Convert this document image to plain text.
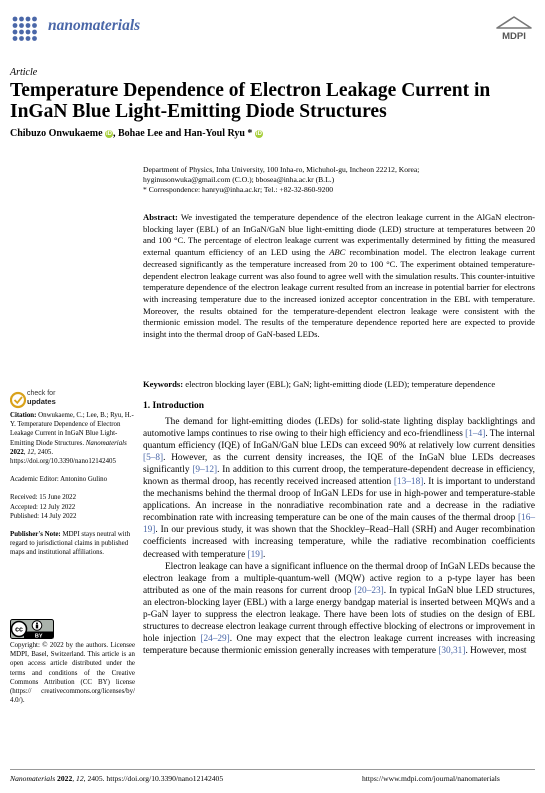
nanomaterials
MDPI
Article
Temperature Dependence of Electron Leakage Current in InGaN Blue Light-Emitting Diode Structures
Chibuzo Onwukaeme iD, Bohae Lee and Han-Youl Ryu * iD
Department of Physics, Inha University, 100 Inha-ro, Michuhol-gu, Incheon 22212, Korea;
hyginusonwuka@gmail.com (C.O.); bbosea@inha.ac.kr (B.L.)
* Correspondence: hanryu@inha.ac.kr; Tel.: +82-32-860-9200
Abstract: We investigated the temperature dependence of the electron leakage current in the AlGaN electron-blocking layer (EBL) of an InGaN/GaN blue light-emitting diode (LED) structure at temperatures between 20 and 100 °C. The percentage of electron leakage current was experimentally determined by fitting the measured external quantum efficiency of an LED using the ABC recombination model. The electron leakage current decreased significantly as the temperature increased from 20 to 100 °C. The experiment obtained temperature-dependent electron leakage current was also found to agree well with the simulation results. This counter-intuitive temperature dependence of the electron leakage current resulted from an increase in potential barrier for electrons with increasing temperature due to the increased ionized acceptor concentration in the EBL with temperature. Moreover, the results obtained for the temperature-dependent electron leakage were consistent with the thermionic emission model. The results of the temperature dependence reported here are expected to provide insight into the thermal droop of GaN-based LEDs.
Keywords: electron blocking layer (EBL); GaN; light-emitting diode (LED); temperature dependence
1. Introduction

The demand for light-emitting diodes (LEDs) for solid-state lighting display backlightings and automotive lamps continues to rise owing to their high efficiency and eco-friendliness [1–4]. The internal quantum efficiency (IQE) of InGaN/GaN blue LEDs can exceed 90% at relatively low current densities [5–8]. However, as the current density increases, the IQE of the InGaN blue LEDs decreases significantly [9–12]. In addition to this current droop, the temperature-dependent decrease in efficiency, known as thermal droop, has recently received increased attention [13–18]. It is important to understand the mechanisms behind the thermal droop of InGaN LEDs for use in high-power and temperature-stable applications. An increase in the nonradiative recombination rate and a decrease in the radiative recombination rate with increasing temperature can be one of the main causes of the thermal droop [16–19]. In our previous study, it was shown that the Shockley–Read–Hall (SRH) and Auger recombination coefficients increased with increasing temperature, while the radiative recombination coefficients decreased with temperature [19].

Electron leakage can have a significant influence on the thermal droop of InGaN LEDs because the electron leakage from a multiple-quantum-well (MQW) active region to a p-type layer has been attributed as one of the main reasons for current droop [20–23]. In typical InGaN blue LED structures, an electron-blocking layer (EBL) with a large energy bandgap material is inserted between MQWs and a p-GaN layer to suppress the electron leakage. There have been lots of studies on the design of EBL structures to decrease electron leakage current through effective blocking of electrons or improvement in hole injection [24–29]. One may expect that the electron leakage current increases with increasing temperature because thermionic emission generally increases with temperature [30,31]. However, most

check for
updates

Citation: Onwukaeme, C.; Lee, B.; Ryu, H.-Y. Temperature Dependence of Electron Leakage Current in InGaN Blue Light-Emitting Diode Structures. Nanomaterials 2022, 12, 2405. https://doi.org/10.3390/nano12142405

Academic Editor: Antonino Gulino

Received: 15 June 2022
Accepted: 12 July 2022
Published: 14 July 2022

Publisher's Note: MDPI stays neutral with regard to jurisdictional claims in published maps and institutional affiliations.

cc
BY
Copyright: © 2022 by the authors. Licensee MDPI, Basel, Switzerland. This article is an open access article distributed under the terms and conditions of the Creative Commons Attribution (CC BY) license (https:// creativecommons.org/licenses/by/ 4.0/).
Nanomaterials 2022, 12, 2405. https://doi.org/10.3390/nano12142405	https://www.mdpi.com/journal/nanomaterials
